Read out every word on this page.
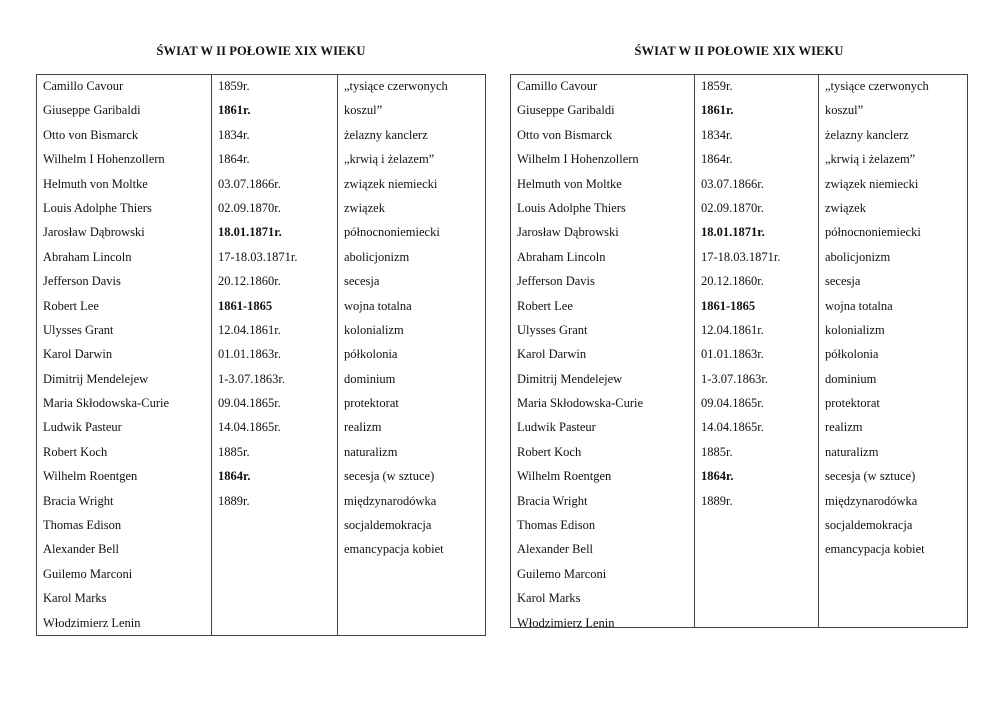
ŚWIAT W II POŁOWIE XIX WIEKU
Camillo Cavour
Giuseppe Garibaldi
Otto von Bismarck
Wilhelm I Hohenzollern
Helmuth von Moltke
Louis Adolphe Thiers
Jarosław Dąbrowski
Abraham Lincoln
Jefferson Davis
Robert Lee
Ulysses Grant
Karol Darwin
Dimitrij Mendelejew
Maria Skłodowska-Curie
Ludwik Pasteur
Robert Koch
Wilhelm Roentgen
Bracia Wright
Thomas Edison
Alexander Bell
Guilemo Marconi
Karol Marks
Włodzimierz Lenin
1859r.
1861r.
1834r.
1864r.
03.07.1866r.
02.09.1870r.
18.01.1871r.
17-18.03.1871r.
20.12.1860r.
1861-1865
12.04.1861r.
01.01.1863r.
1-3.07.1863r.
09.04.1865r.
14.04.1865r.
1885r.
1864r.
1889r.
„tysiące czerwonych
koszul”
żelazny kanclerz
„krwią i żelazem”
związek niemiecki
związek
północnoniemiecki
abolicjonizm
secesja
wojna totalna
kolonializm
półkolonia
dominium
protektorat
realizm
naturalizm
secesja (w sztuce)
międzynarodówka
socjaldemokracja
emancypacja kobiet
ŚWIAT W II POŁOWIE XIX WIEKU
Camillo Cavour
Giuseppe Garibaldi
Otto von Bismarck
Wilhelm I Hohenzollern
Helmuth von Moltke
Louis Adolphe Thiers
Jarosław Dąbrowski
Abraham Lincoln
Jefferson Davis
Robert Lee
Ulysses Grant
Karol Darwin
Dimitrij Mendelejew
Maria Skłodowska-Curie
Ludwik Pasteur
Robert Koch
Wilhelm Roentgen
Bracia Wright
Thomas Edison
Alexander Bell
Guilemo Marconi
Karol Marks
Włodzimierz Lenin
1859r.
1861r.
1834r.
1864r.
03.07.1866r.
02.09.1870r.
18.01.1871r.
17-18.03.1871r.
20.12.1860r.
1861-1865
12.04.1861r.
01.01.1863r.
1-3.07.1863r.
09.04.1865r.
14.04.1865r.
1885r.
1864r.
1889r.
„tysiące czerwonych
koszul”
żelazny kanclerz
„krwią i żelazem”
związek niemiecki
związek
północnoniemiecki
abolicjonizm
secesja
wojna totalna
kolonializm
półkolonia
dominium
protektorat
realizm
naturalizm
secesja (w sztuce)
międzynarodówka
socjaldemokracja
emancypacja kobiet
